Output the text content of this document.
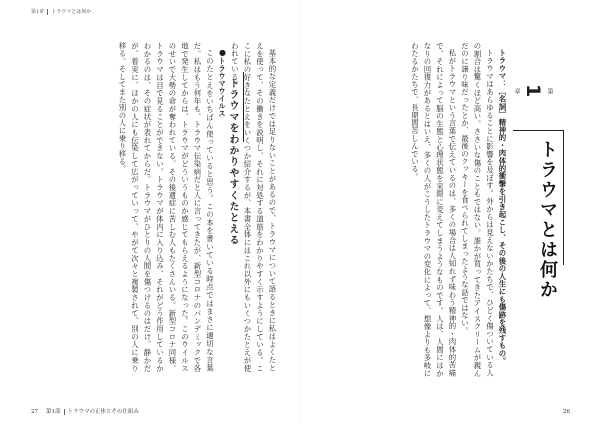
第1章 トラウマとは何か
トラウマをわかりやすくたとえる	基本的な定義だけでは足りないことがあるので、トラウマについて語るときに私はよくたとえを使って、その働きを説明し、それに対処する道筋をわかりやすく示すようにしている。ここに私の好きなたとえをいくつか紹介するが、本書全体にはこれ以外にもいくつかたとえが使われている。

●トラウマウイルス

このたとえをいちばん使っていると思う。この本を書いている時点ではまさに適切な言葉だ。私はもう何年も、トラウマ伝染病だと人に言ってきたが、新型コロナのパンデミックで各地で発生してからは、トラウマがどういうものか感じてもらえるようになった。このウイルスのせいで大勢の命が奪われている。その後遺症に苦しむ人もたくさんいる。新型コロナ同様、トラウマは目で見ることができない。トラウマが体内に入り込み、それがどう作用しているかわかるのは、その症状が表れてからだ。トラウマがひとりの人間を傷つけるのはだけ。静かだが、着実に、ほかの人にも伝染して広がっていって、やがて次々と複製されて、別の人に乗り移る。そしてまた別の人に乗り移る。	トラウマ：［名詞］精神的・肉体的衝撃を引き起こし、その後の人生にも傷跡を残すもの。

トラウマはあらゆることに影響を及ぼす。外からは見えないかたちで、ひどく傷ついている人の割合は驚くほど高い。ささいな傷のこともではない。誰かが買ってきたアイスクリームが親んだのに譲り味だったとか、最後のクッキーを食べられてしまったような話ではない。

私がトラウマという言葉で伝えているのは、多くの場合は人知れず味わう精神的・肉体的苦痛で、それによって脳の生態と心理状態を実際に変えてしまうようなものです。人は、人間にはかなりの回復力があるとはいえ、多くの人がこうしたトラウマの変化によって、想像よりも多岐にわたるかたちで、長期間苦しんでいる。	第
1
章
トラウマとは何か
27 第1部 トラウマの正体とその仕組み	26
